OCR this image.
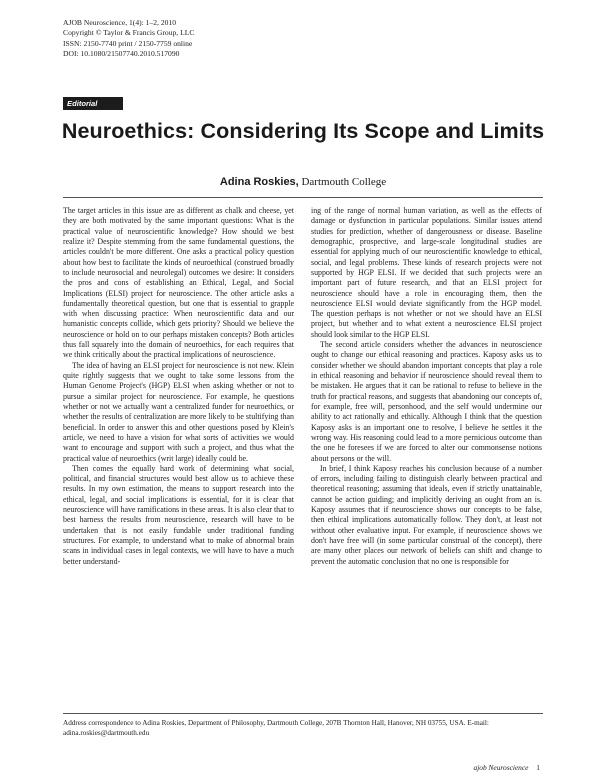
AJOB Neuroscience, 1(4): 1–2, 2010
Copyright © Taylor & Francis Group, LLC
ISSN: 2150-7740 print / 2150-7759 online
DOI: 10.1080/21507740.2010.517090
Editorial
Neuroethics: Considering Its Scope and Limits
Adina Roskies, Dartmouth College

The target articles in this issue are as different as chalk and cheese, yet they are both motivated by the same important questions: What is the practical value of neuroscientific knowledge? How should we best realize it? Despite stemming from the same fundamental questions, the articles couldn't be more different. One asks a practical policy question about how best to facilitate the kinds of neuroethical (construed broadly to include neurosocial and neurolegal) outcomes we desire: It considers the pros and cons of establishing an Ethical, Legal, and Social Implications (ELSI) project for neuroscience. The other article asks a fundamentally theoretical question, but one that is essential to grapple with when discussing practice: When neuroscientific data and our humanistic concepts collide, which gets priority? Should we believe the neuroscience or hold on to our perhaps mistaken concepts? Both articles thus fall squarely into the domain of neuroethics, for each requires that we think critically about the practical implications of neuroscience.

The idea of having an ELSI project for neuroscience is not new. Klein quite rightly suggests that we ought to take some lessons from the Human Genome Project's (HGP) ELSI when asking whether or not to pursue a similar project for neuroscience. For example, he questions whether or not we actually want a centralized funder for neuroethics, or whether the results of centralization are more likely to be stultifying than beneficial. In order to answer this and other questions posed by Klein's article, we need to have a vision for what sorts of activities we would want to encourage and support with such a project, and thus what the practical value of neuroethics (writ large) ideally could be.

Then comes the equally hard work of determining what social, political, and financial structures would best allow us to achieve these results. In my own estimation, the means to support research into the ethical, legal, and social implications is essential, for it is clear that neuroscience will have ramifications in these areas. It is also clear that to best harness the results from neuroscience, research will have to be undertaken that is not easily fundable under traditional funding structures. For example, to understand what to make of abnormal brain scans in individual cases in legal contexts, we will have to have a much better understand-

ing of the range of normal human variation, as well as the effects of damage or dysfunction in particular populations. Similar issues attend studies for prediction, whether of dangerousness or disease. Baseline demographic, prospective, and large-scale longitudinal studies are essential for applying much of our neuroscientific knowledge to ethical, social, and legal problems. These kinds of research projects were not supported by HGP ELSI. If we decided that such projects were an important part of future research, and that an ELSI project for neuroscience should have a role in encouraging them, then the neuroscience ELSI would deviate significantly from the HGP model. The question perhaps is not whether or not we should have an ELSI project, but whether and to what extent a neuroscience ELSI project should look similar to the HGP ELSI.

The second article considers whether the advances in neuroscience ought to change our ethical reasoning and practices. Kaposy asks us to consider whether we should abandon important concepts that play a role in ethical reasoning and behavior if neuroscience should reveal them to be mistaken. He argues that it can be rational to refuse to believe in the truth for practical reasons, and suggests that abandoning our concepts of, for example, free will, personhood, and the self would undermine our ability to act rationally and ethically. Although I think that the question Kaposy asks is an important one to resolve, I believe he settles it the wrong way. His reasoning could lead to a more pernicious outcome than the one he foresees if we are forced to alter our commonsense notions about persons or the will.

In brief, I think Kaposy reaches his conclusion because of a number of errors, including failing to distinguish clearly between practical and theoretical reasoning; assuming that ideals, even if strictly unattainable, cannot be action guiding; and implicitly deriving an ought from an is. Kaposy assumes that if neuroscience shows our concepts to be false, then ethical implications automatically follow. They don't, at least not without other evaluative input. For example, if neuroscience shows we don't have free will (in some particular construal of the concept), there are many other places our network of beliefs can shift and change to prevent the automatic conclusion that no one is responsible for

Address correspondence to Adina Roskies, Department of Philosophy, Dartmouth College, 207B Thornton Hall, Hanover, NH 03755, USA. E-mail: adina.roskies@dartmouth.edu
ajob Neuroscience 1
